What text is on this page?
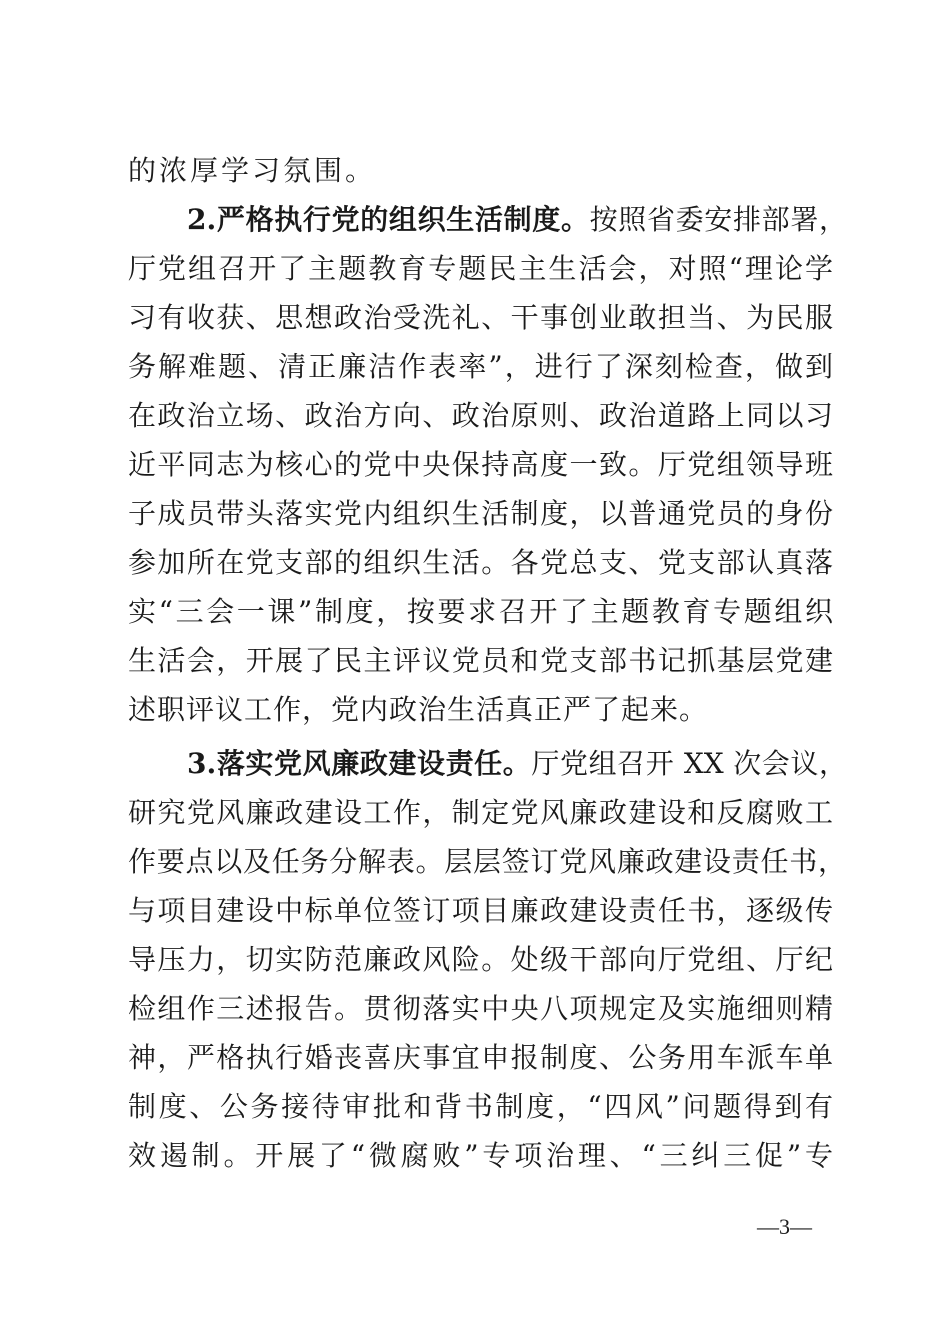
的浓厚学习氛围。
2.严格执行党的组织生活制度。按照省委安排部署，
厅党组召开了主题教育专题民主生活会，对照“理论学
习有收获、思想政治受洗礼、干事创业敢担当、为民服
务解难题、清正廉洁作表率”，进行了深刻检查，做到
在政治立场、政治方向、政治原则、政治道路上同以习
近平同志为核心的党中央保持高度一致。厅党组领导班
子成员带头落实党内组织生活制度，以普通党员的身份
参加所在党支部的组织生活。各党总支、党支部认真落
实“三会一课”制度，按要求召开了主题教育专题组织
生活会，开展了民主评议党员和党支部书记抓基层党建
述职评议工作，党内政治生活真正严了起来。
3.落实党风廉政建设责任。厅党组召开 XX 次会议，
研究党风廉政建设工作，制定党风廉政建设和反腐败工
作要点以及任务分解表。层层签订党风廉政建设责任书，
与项目建设中标单位签订项目廉政建设责任书，逐级传
导压力，切实防范廉政风险。处级干部向厅党组、厅纪
检组作三述报告。贯彻落实中央八项规定及实施细则精
神，严格执行婚丧喜庆事宜申报制度、公务用车派车单
制度、公务接待审批和背书制度，“四风”问题得到有
效遏制。开展了“微腐败”专项治理、“三纠三促”专
—3—
